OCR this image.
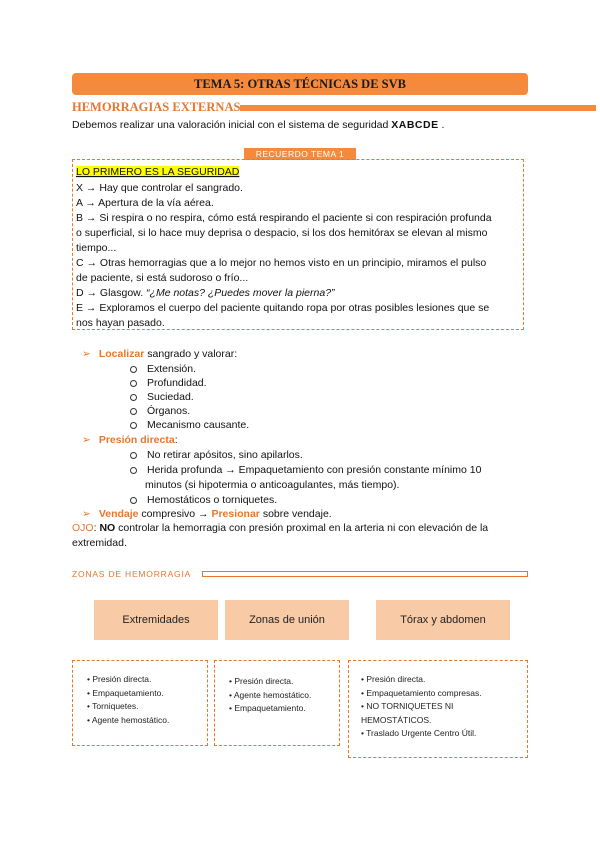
TEMA 5: OTRAS TÉCNICAS DE SVB
HEMORRAGIAS EXTERNAS
Debemos realizar una valoración inicial con el sistema de seguridad XABCDE .
RECUERDO TEMA 1
LO PRIMERO ES LA SEGURIDAD
X → Hay que controlar el sangrado.
A → Apertura de la vía aérea.
B → Si respira o no respira, cómo está respirando el paciente si con respiración profunda
o superficial, si lo hace muy deprisa o despacio, si los dos hemitórax se elevan al mismo
tiempo...
C → Otras hemorragias que a lo mejor no hemos visto en un principio, miramos el pulso
de paciente, si está sudoroso o frío...
D → Glasgow. “¿Me notas? ¿Puedes mover la pierna?”
E → Exploramos el cuerpo del paciente quitando ropa por otras posibles lesiones que se
nos hayan pasado.
➢ Localizar sangrado y valorar:
Extensión.
Profundidad.
Suciedad.
Órganos.
Mecanismo causante.
➢ Presión directa:
No retirar apósitos, sino apilarlos.
Herida profunda → Empaquetamiento con presión constante mínimo 10
minutos (si hipotermia o anticoagulantes, más tiempo).
Hemostáticos o torniquetes.
➢ Vendaje compresivo → Presionar sobre vendaje.
OJO: NO controlar la hemorragia con presión proximal en la arteria ni con elevación de la
extremidad.
ZONAS DE HEMORRAGIA
Extremidades	Zonas de unión	Tórax y abdomen
• Presión directa.
• Empaquetamiento.
• Torniquetes.
• Agente hemostático.
• Presión directa.
• Agente hemostático.
• Empaquetamiento.
• Presión directa.
• Empaquetamiento compresas.
• NO TORNIQUETES NI
HEMOSTÁTICOS.
• Traslado Urgente Centro Útil.
